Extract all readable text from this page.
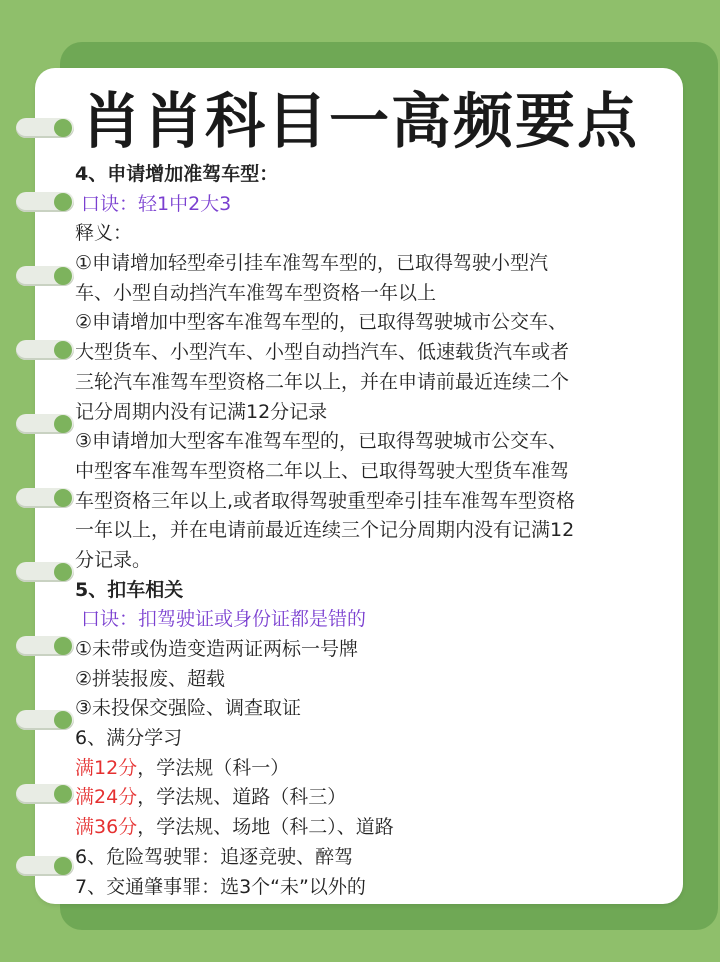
肖肖科目一高频要点

4、申请增加准驾车型：

口诀：轻1中2大3

释义：

①申请增加轻型牵引挂车准驾车型的，已取得驾驶小型汽

车、小型自动挡汽车准驾车型资格一年以上

②申请增加中型客车准驾车型的，已取得驾驶城市公交车、

大型货车、小型汽车、小型自动挡汽车、低速载货汽车或者

三轮汽车准驾车型资格二年以上，并在申请前最近连续二个

记分周期内没有记满12分记录

③申请增加大型客车准驾车型的，已取得驾驶城市公交车、

中型客车准驾车型资格二年以上、已取得驾驶大型货车准驾

车型资格三年以上,或者取得驾驶重型牵引挂车准驾车型资格

一年以上，并在电请前最近连续三个记分周期内没有记满12

分记录。

5、扣车相关

口诀：扣驾驶证或身份证都是错的

①未带或伪造变造两证两标一号牌

②拼装报废、超载

③未投保交强险、调查取证

6、满分学习

满12分，学法规（科一）

满24分，学法规、道路（科三）

满36分，学法规、场地（科二）、道路

6、危险驾驶罪：追逐竞驶、醉驾

7、交通肇事罪：选3个“未”以外的
